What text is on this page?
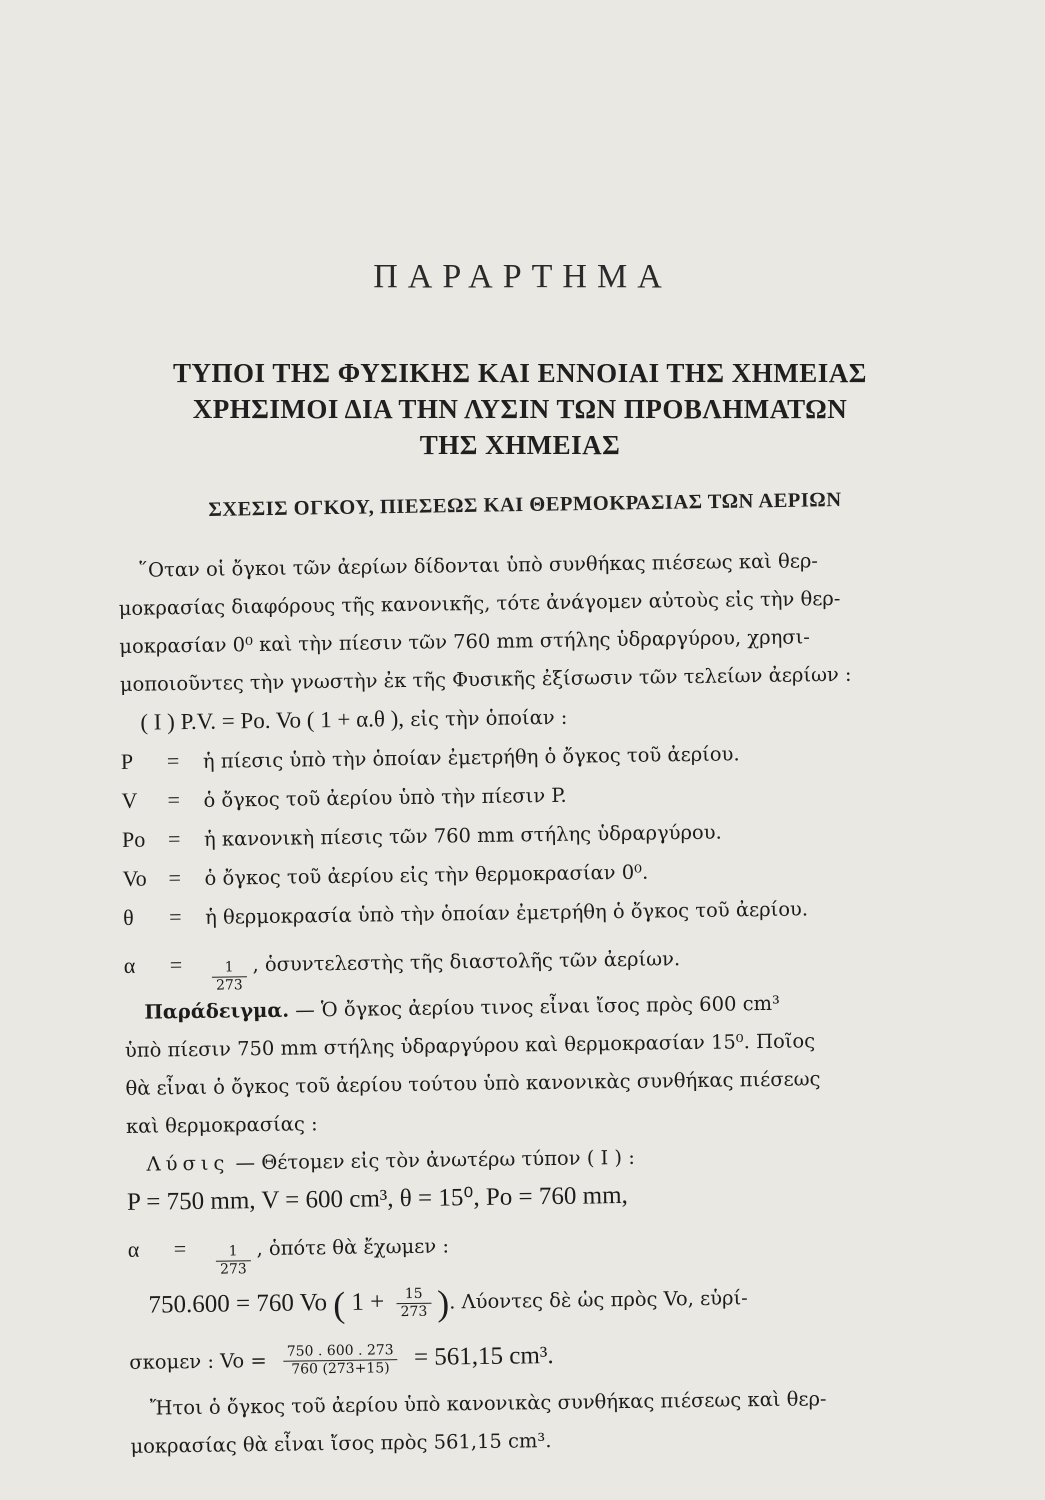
ΠΑΡΑΡΤΗΜΑ
ΤΥΠΟΙ ΤΗΣ ΦΥΣΙΚΗΣ ΚΑΙ ΕΝΝΟΙΑΙ ΤΗΣ ΧΗΜΕΙΑΣ
ΧΡΗΣΙΜΟΙ ΔΙΑ ΤΗΝ ΛΥΣΙΝ ΤΩΝ ΠΡΟΒΛΗΜΑΤΩΝ
ΤΗΣ ΧΗΜΕΙΑΣ
ΣΧΕΣΙΣ ΟΓΚΟΥ, ΠΙΕΣΕΩΣ ΚΑΙ ΘΕΡΜΟΚΡΑΣΙΑΣ ΤΩΝ ΑΕΡΙΩΝ
῞Οταν οἱ ὄγκοι τῶν ἀερίων δίδονται ὑπὸ συνθήκας πιέσεως καὶ θερ-
μοκρασίας διαφόρους τῆς κανονικῆς, τότε ἀνάγομεν αὐτοὺς εἰς τὴν θερ-
μοκρασίαν 0⁰ καὶ τὴν πίεσιν τῶν 760 mm στήλης ὑδραργύρου, χρησι-
μοποιοῦντες τὴν γνωστὴν ἐκ τῆς Φυσικῆς ἐξίσωσιν τῶν τελείων ἀερίων :
( I ) P.V. = Po. Vo ( 1 + α.θ ), εἰς τὴν ὁποίαν :
P	=	ἡ πίεσις ὑπὸ τὴν ὁποίαν ἐμετρήθη ὁ ὄγκος τοῦ ἀερίου.
V	=	ὁ ὄγκος τοῦ ἀερίου ὑπὸ τὴν πίεσιν P.
Po	=	ἡ κανονικὴ πίεσις τῶν 760 mm στήλης ὑδραργύρου.
Vo =	ὁ ὄγκος τοῦ ἀερίου εἰς τὴν θερμοκρασίαν 0⁰.
θ	=	ἡ θερμοκρασία ὑπὸ τὴν ὁποίαν ἐμετρήθη ὁ ὄγκος τοῦ ἀερίου.
α	=	$\frac{1}{273}$ , ὁσυντελεστὴς τῆς διαστολῆς τῶν ἀερίων.
Παράδειγμα. — Ὁ ὄγκος ἀερίου τινος εἶναι ἴσος πρὸς 600 cm³
ὑπὸ πίεσιν 750 mm στήλης ὑδραργύρου καὶ θερμοκρασίαν 15⁰. Ποῖος
θὰ εἶναι ὁ ὄγκος τοῦ ἀερίου τούτου ὑπὸ κανονικὰς συνθήκας πιέσεως
καὶ θερμοκρασίας :
Λύσις — Θέτομεν εἰς τὸν ἀνωτέρω τύπον ( I ) :
P = 750 mm, V = 600 cm³, θ = 15⁰, Po = 760 mm,
α	=	$\frac{1}{273}$ , ὁπότε θὰ ἔχωμεν :
750.600 = 760 Vo ( $1 + \frac{15}{273}$ ). Λύοντες δὲ ὡς πρὸς Vo, εὑρί-
σκομεν : $Vo = \frac{750 . 600 . 273}{760 (273+15)} = 561,15$ cm³.
Ἤτοι ὁ ὄγκος τοῦ ἀερίου ὑπὸ κανονικὰς συνθήκας πιέσεως καὶ θερ-
μοκρασίας θὰ εἶναι ἴσος πρὸς 561,15 cm³.
